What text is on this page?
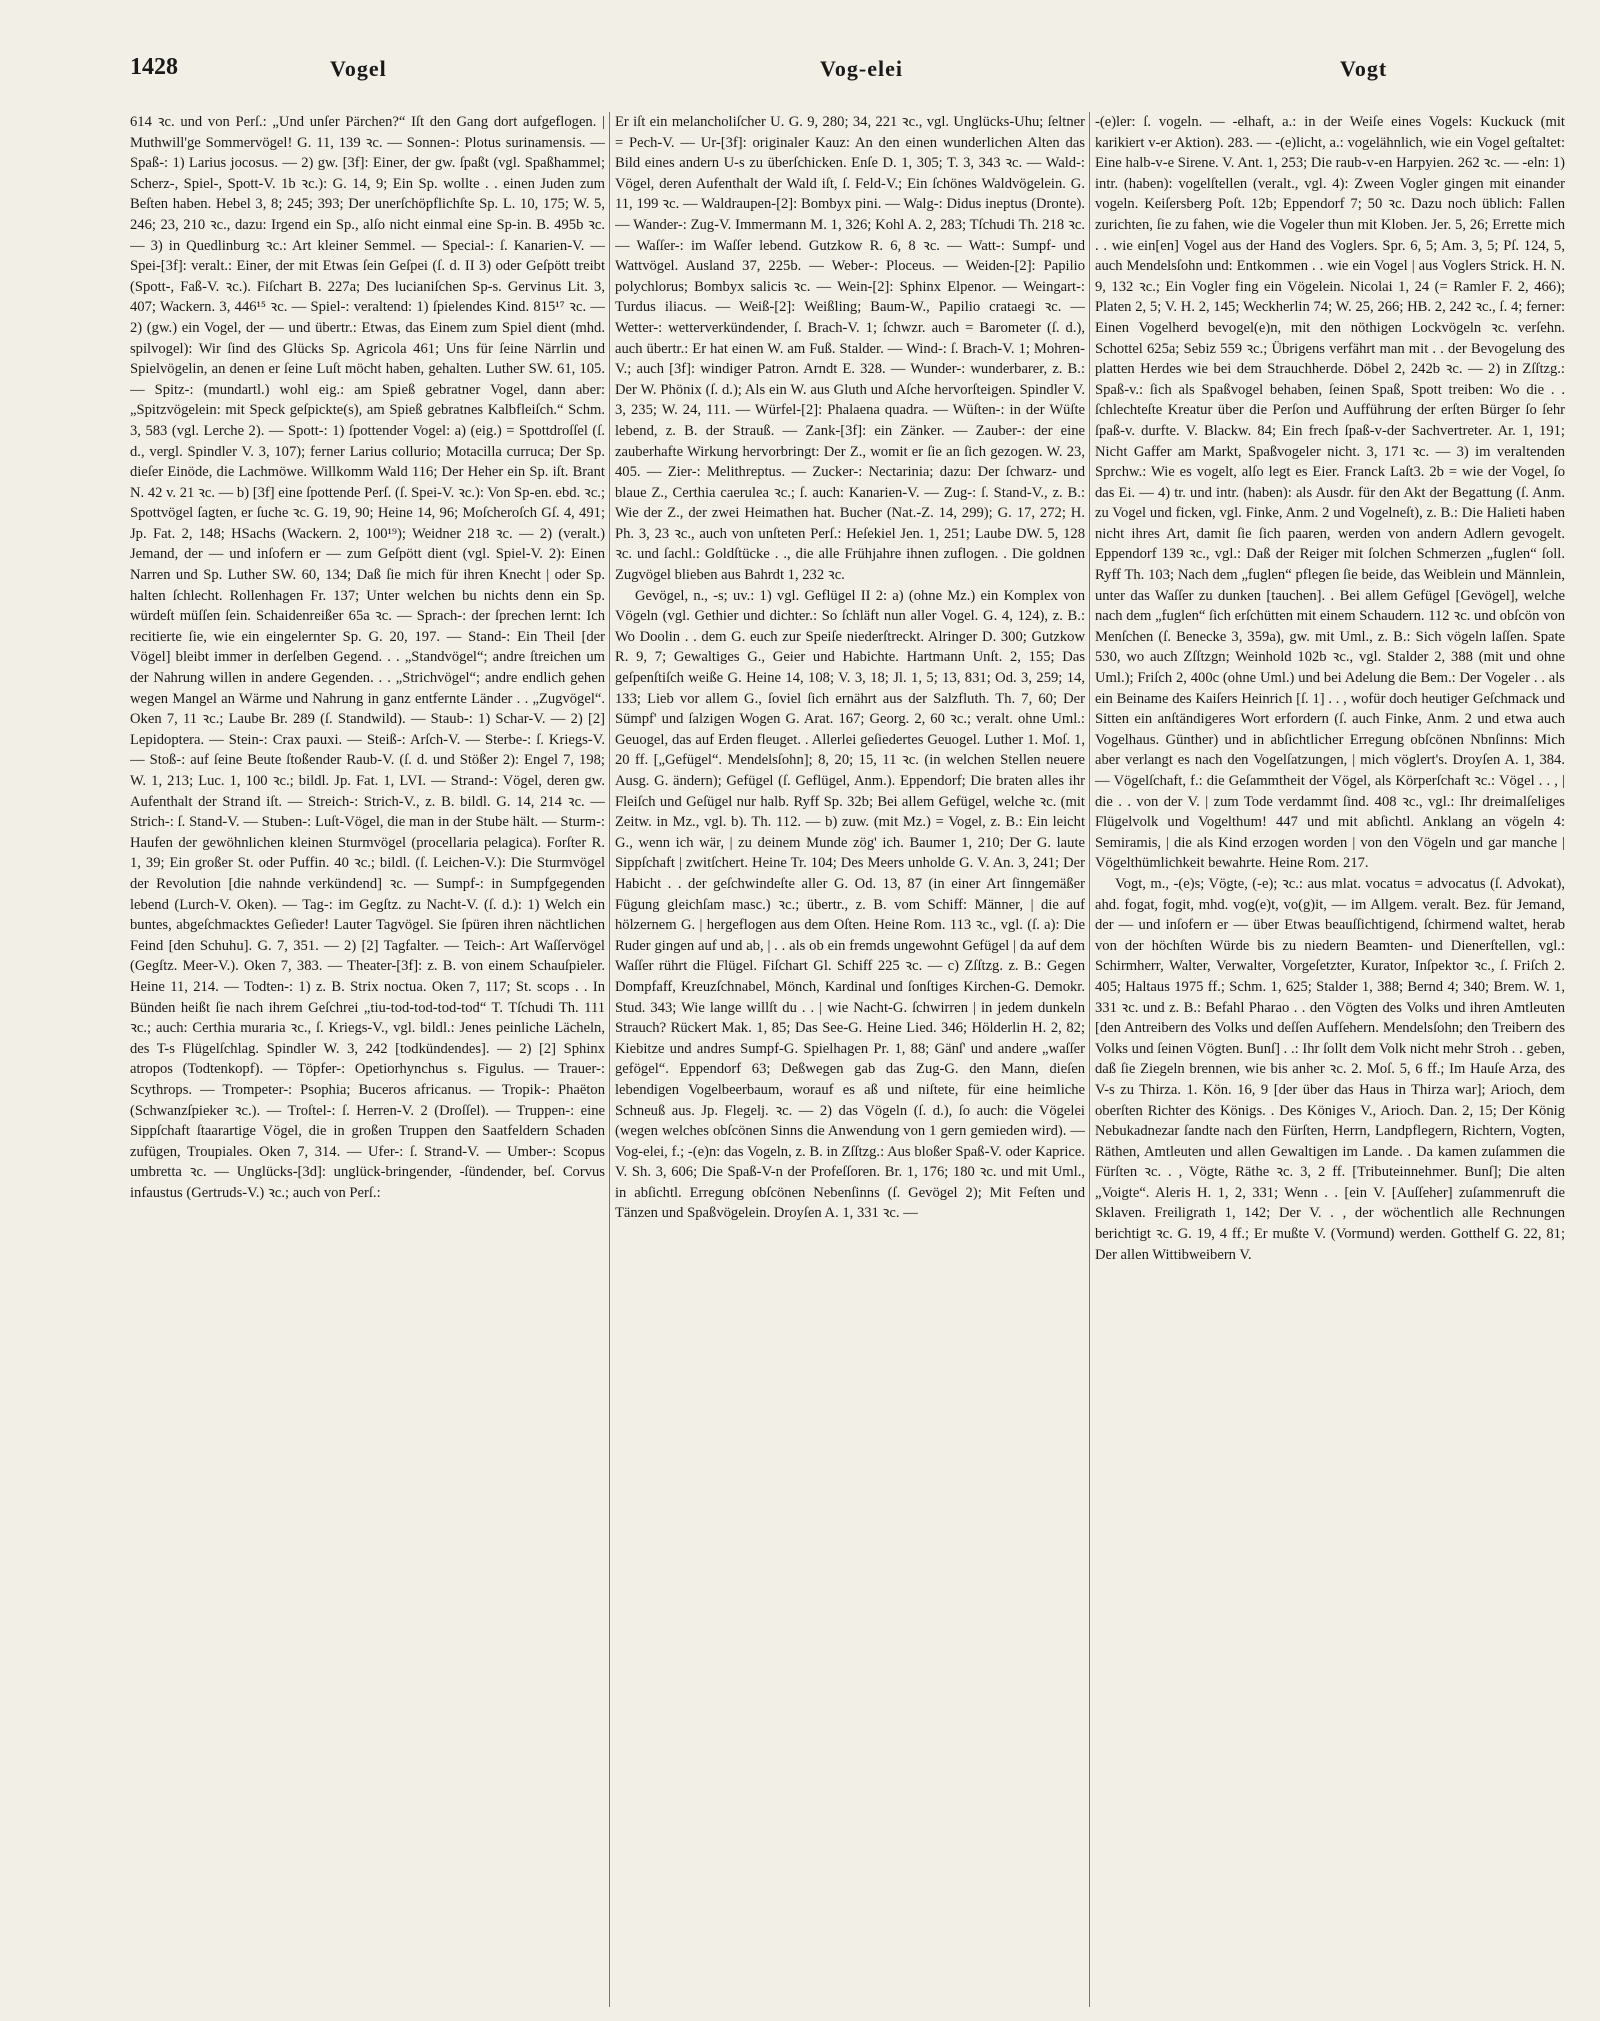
1428	Vogel	Vog-elei	Vogt

614 ꝛc. und von Perſ.: „Und unſer Pärchen?“ Iſt den Gang dort aufgeflogen. | Muthwill'ge Sommervögel! G. 11, 139 ꝛc. — Sonnen-: Plotus surinamensis. — Spaß-: 1) Larius jocosus. — 2) gw. [3f]: Einer, der gw. ſpaßt (vgl. Spaßhammel; Scherz-, Spiel-, Spott-V. 1b ꝛc.): G. 14, 9; Ein Sp. wollte . . einen Juden zum Beſten haben. Hebel 3, 8; 245; 393; Der unerſchöpflichſte Sp. L. 10, 175; W. 5, 246; 23, 210 ꝛc., dazu: Irgend ein Sp., alſo nicht einmal eine Sp-in. B. 495b ꝛc. — 3) in Quedlinburg ꝛc.: Art kleiner Semmel. — Special-: ſ. Kanarien-V. — Spei-[3f]: veralt.: Einer, der mit Etwas ſein Geſpei (ſ. d. II 3) oder Geſpött treibt (Spott-, Faß-V. ꝛc.). Fiſchart B. 227a; Des lucianiſchen Sp-s. Gervinus Lit. 3, 407; Wackern. 3, 446¹⁵ ꝛc. — Spiel-: veraltend: 1) ſpielendes Kind. 815¹⁷ ꝛc. — 2) (gw.) ein Vogel, der — und übertr.: Etwas, das Einem zum Spiel dient (mhd. spilvogel): Wir ſind des Glücks Sp. Agricola 461; Uns für ſeine Närrlin und Spielvögelin, an denen er ſeine Luſt möcht haben, gehalten. Luther SW. 61, 105. — Spitz-: (mundartl.) wohl eig.: am Spieß gebratner Vogel, dann aber: „Spitzvögelein: mit Speck geſpickte(s), am Spieß gebratnes Kalbfleiſch.“ Schm. 3, 583 (vgl. Lerche 2). — Spott-: 1) ſpottender Vogel: a) (eig.) = Spottdroſſel (ſ. d., vergl. Spindler V. 3, 107); ferner Larius collurio; Motacilla curruca; Der Sp. dieſer Einöde, die Lachmöwe. Willkomm Wald 116; Der Heher ein Sp. iſt. Brant N. 42 v. 21 ꝛc. — b) [3f] eine ſpottende Perſ. (ſ. Spei-V. ꝛc.): Von Sp-en. ebd. ꝛc.; Spottvögel ſagten, er ſuche ꝛc. G. 19, 90; Heine 14, 96; Moſcheroſch Gſ. 4, 491; Jp. Fat. 2, 148; HSachs (Wackern. 2, 100¹⁹); Weidner 218 ꝛc. — 2) (veralt.) Jemand, der — und inſofern er — zum Geſpött dient (vgl. Spiel-V. 2): Einen Narren und Sp. Luther SW. 60, 134; Daß ſie mich für ihren Knecht | oder Sp. halten ſchlecht. Rollenhagen Fr. 137; Unter welchen bu nichts denn ein Sp. würdeſt müſſen ſein. Schaidenreißer 65a ꝛc. — Sprach-: der ſprechen lernt: Ich recitierte ſie, wie ein eingelernter Sp. G. 20, 197. — Stand-: Ein Theil [der Vögel] bleibt immer in derſelben Gegend. . . „Standvögel“; andre ſtreichen um der Nahrung willen in andere Gegenden. . . „Strichvögel“; andre endlich gehen wegen Mangel an Wärme und Nahrung in ganz entfernte Länder . . „Zugvögel“. Oken 7, 11 ꝛc.; Laube Br. 289 (ſ. Standwild). — Staub-: 1) Schar-V. — 2) [2] Lepidoptera. — Stein-: Crax pauxi. — Steiß-: Arſch-V. — Sterbe-: ſ. Kriegs-V. — Stoß-: auf ſeine Beute ſtoßender Raub-V. (ſ. d. und Stößer 2): Engel 7, 198; W. 1, 213; Luc. 1, 100 ꝛc.; bildl. Jp. Fat. 1, LVI. — Strand-: Vögel, deren gw. Aufenthalt der Strand iſt. — Streich-: Strich-V., z. B. bildl. G. 14, 214 ꝛc. — Strich-: ſ. Stand-V. — Stuben-: Luſt-Vögel, die man in der Stube hält. — Sturm-: Haufen der gewöhnlichen kleinen Sturmvögel (procellaria pelagica). Forſter R. 1, 39; Ein großer St. oder Puffin. 40 ꝛc.; bildl. (ſ. Leichen-V.): Die Sturmvögel der Revolution [die nahnde verkündend] ꝛc. — Sumpf-: in Sumpfgegenden lebend (Lurch-V. Oken). — Tag-: im Gegſtz. zu Nacht-V. (ſ. d.): 1) Welch ein buntes, abgeſchmacktes Geſieder! Lauter Tagvögel. Sie ſpüren ihren nächtlichen Feind [den Schuhu]. G. 7, 351. — 2) [2] Tagfalter. — Teich-: Art Waſſervögel (Gegſtz. Meer-V.). Oken 7, 383. — Theater-[3f]: z. B. von einem Schauſpieler. Heine 11, 214. — Todten-: 1) z. B. Strix noctua. Oken 7, 117; St. scops . . In Bünden heißt ſie nach ihrem Geſchrei „tiu-tod-tod-tod-tod“ T. Tſchudi Th. 111 ꝛc.; auch: Certhia muraria ꝛc., ſ. Kriegs-V., vgl. bildl.: Jenes peinliche Lächeln, des T-s Flügelſchlag. Spindler W. 3, 242 [todkündendes]. — 2) [2] Sphinx atropos (Todtenkopf). — Töpfer-: Opetiorhynchus s. Figulus. — Trauer-: Scythrops. — Trompeter-: Psophia; Buceros africanus. — Tropik-: Phaëton (Schwanzſpieker ꝛc.). — Troſtel-: ſ. Herren-V. 2 (Droſſel). — Truppen-: eine Sippſchaft ſtaarartige Vögel, die in großen Truppen den Saatfeldern Schaden zufügen, Troupiales. Oken 7, 314. — Ufer-: ſ. Strand-V. — Umber-: Scopus umbretta ꝛc. — Unglücks-[3d]: unglück-bringender, -ſündender, beſ. Corvus infaustus (Gertruds-V.) ꝛc.; auch von Perſ.:

Er iſt ein melancholiſcher U. G. 9, 280; 34, 221 ꝛc., vgl. Unglücks-Uhu; ſeltner = Pech-V. — Ur-[3f]: originaler Kauz: An den einen wunderlichen Alten das Bild eines andern U-s zu überſchicken. Enſe D. 1, 305; T. 3, 343 ꝛc. — Wald-: Vögel, deren Aufenthalt der Wald iſt, ſ. Feld-V.; Ein ſchönes Waldvögelein. G. 11, 199 ꝛc. — Waldraupen-[2]: Bombyx pini. — Walg-: Didus ineptus (Dronte). — Wander-: Zug-V. Immermann M. 1, 326; Kohl A. 2, 283; Tſchudi Th. 218 ꝛc. — Waſſer-: im Waſſer lebend. Gutzkow R. 6, 8 ꝛc. — Watt-: Sumpf- und Wattvögel. Ausland 37, 225b. — Weber-: Ploceus. — Weiden-[2]: Papilio polychlorus; Bombyx salicis ꝛc. — Wein-[2]: Sphinx Elpenor. — Weingart-: Turdus iliacus. — Weiß-[2]: Weißling; Baum-W., Papilio crataegi ꝛc. — Wetter-: wetterverkündender, ſ. Brach-V. 1; ſchwzr. auch = Barometer (ſ. d.), auch übertr.: Er hat einen W. am Fuß. Stalder. — Wind-: ſ. Brach-V. 1; Mohren-V.; auch [3f]: windiger Patron. Arndt E. 328. — Wunder-: wunderbarer, z. B.: Der W. Phönix (ſ. d.); Als ein W. aus Gluth und Aſche hervorſteigen. Spindler V. 3, 235; W. 24, 111. — Würfel-[2]: Phalaena quadra. — Wüſten-: in der Wüſte lebend, z. B. der Strauß. — Zank-[3f]: ein Zänker. — Zauber-: der eine zauberhafte Wirkung hervorbringt: Der Z., womit er ſie an ſich gezogen. W. 23, 405. — Zier-: Melithreptus. — Zucker-: Nectarinia; dazu: Der ſchwarz- und blaue Z., Certhia caerulea ꝛc.; ſ. auch: Kanarien-V. — Zug-: ſ. Stand-V., z. B.: Wie der Z., der zwei Heimathen hat. Bucher (Nat.-Z. 14, 299); G. 17, 272; H. Ph. 3, 23 ꝛc., auch von unſteten Perſ.: Heſekiel Jen. 1, 251; Laube DW. 5, 128 ꝛc. und ſachl.: Goldſtücke . ., die alle Frühjahre ihnen zuflogen. . Die goldnen Zugvögel blieben aus Bahrdt 1, 232 ꝛc.
Gevögel, n., -s; uv.: 1) vgl. Geflügel II 2: a) (ohne Mz.) ein Komplex von Vögeln (vgl. Gethier und dichter.: So ſchläft nun aller Vogel. G. 4, 124), z. B.: Wo Doolin . . dem G. euch zur Speiſe niederſtreckt. Alringer D. 300; Gutzkow R. 9, 7; Gewaltiges G., Geier und Habichte. Hartmann Unſt. 2, 155; Das geſpenſtiſch weiße G. Heine 14, 108; V. 3, 18; Jl. 1, 5; 13, 831; Od. 3, 259; 14, 133; Lieb vor allem G., ſoviel ſich ernährt aus der Salzfluth. Th. 7, 60; Der Sümpf' und ſalzigen Wogen G. Arat. 167; Georg. 2, 60 ꝛc.; veralt. ohne Uml.: Geuogel, das auf Erden fleuget. . Allerlei geſiedertes Geuogel. Luther 1. Moſ. 1, 20 ff. [„Gefügel“. Mendelsſohn]; 8, 20; 15, 11 ꝛc. (in welchen Stellen neuere Ausg. G. ändern); Gefügel (ſ. Geflügel, Anm.). Eppendorf; Die braten alles ihr Fleiſch und Geſügel nur halb. Ryff Sp. 32b; Bei allem Gefügel, welche ꝛc. (mit Zeitw. in Mz., vgl. b). Th. 112. — b) zuw. (mit Mz.) = Vogel, z. B.: Ein leicht G., wenn ich wär, | zu deinem Munde zög' ich. Baumer 1, 210; Der G. laute Sippſchaft | zwitſchert. Heine Tr. 104; Des Meers unholde G. V. An. 3, 241; Der Habicht . . der geſchwindeſte aller G. Od. 13, 87 (in einer Art ſinngemäßer Fügung gleichſam masc.) ꝛc.; übertr., z. B. vom Schiff: Männer, | die auf hölzernem G. | hergeflogen aus dem Oſten. Heine Rom. 113 ꝛc., vgl. (ſ. a): Die Ruder gingen auf und ab, | . . als ob ein fremds ungewohnt Gefügel | da auf dem Waſſer rührt die Flügel. Fiſchart Gl. Schiff 225 ꝛc. — c) Zſſtzg. z. B.: Gegen Dompfaff, Kreuzſchnabel, Mönch, Kardinal und ſonſtiges Kirchen-G. Demokr. Stud. 343; Wie lange willſt du . . | wie Nacht-G. ſchwirren | in jedem dunkeln Strauch? Rückert Mak. 1, 85; Das See-G. Heine Lied. 346; Hölderlin H. 2, 82; Kiebitze und andres Sumpf-G. Spielhagen Pr. 1, 88; Gänſ' und andere „waſſer gefögel“. Eppendorf 63; Deßwegen gab das Zug-G. den Mann, dieſen lebendigen Vogelbeerbaum, worauf es aß und niſtete, für eine heimliche Schneuß aus. Jp. Flegelj. ꝛc. — 2) das Vögeln (ſ. d.), ſo auch: die Vögelei (wegen welches obſcönen Sinns die Anwendung von 1 gern gemieden wird). — Vog-elei, f.; -(e)n: das Vogeln, z. B. in Zſſtzg.: Aus bloßer Spaß-V. oder Kaprice. V. Sh. 3, 606; Die Spaß-V-n der Profeſſoren. Br. 1, 176; 180 ꝛc. und mit Uml., in abſichtl. Erregung obſcönen Nebenſinns (ſ. Gevögel 2); Mit Feſten und Tänzen und Spaßvögelein. Droyſen A. 1, 331 ꝛc. —

-(e)ler: ſ. vogeln. — -elhaft, a.: in der Weiſe eines Vogels: Kuckuck (mit karikiert v-er Aktion). 283. — -(e)licht, a.: vogelähnlich, wie ein Vogel geſtaltet: Eine halb-v-e Sirene. V. Ant. 1, 253; Die raub-v-en Harpyien. 262 ꝛc. — -eln: 1) intr. (haben): vogelſtellen (veralt., vgl. 4): Zween Vogler gingen mit einander vogeln. Keiſersberg Poſt. 12b; Eppendorf 7; 50 ꝛc. Dazu noch üblich: Fallen zurichten, ſie zu fahen, wie die Vogeler thun mit Kloben. Jer. 5, 26; Errette mich . . wie ein[en] Vogel aus der Hand des Voglers. Spr. 6, 5; Am. 3, 5; Pſ. 124, 5, auch Mendelsſohn und: Entkommen . . wie ein Vogel | aus Voglers Strick. H. N. 9, 132 ꝛc.; Ein Vogler fing ein Vögelein. Nicolai 1, 24 (= Ramler F. 2, 466); Platen 2, 5; V. H. 2, 145; Weckherlin 74; W. 25, 266; HB. 2, 242 ꝛc., ſ. 4; ferner: Einen Vogelherd bevogel(e)n, mit den nöthigen Lockvögeln ꝛc. verſehn. Schottel 625a; Sebiz 559 ꝛc.; Übrigens verfährt man mit . . der Bevogelung des platten Herdes wie bei dem Strauchherde. Döbel 2, 242b ꝛc. — 2) in Zſſtzg.: Spaß-v.: ſich als Spaßvogel behaben, ſeinen Spaß, Spott treiben: Wo die . . ſchlechteſte Kreatur über die Perſon und Aufführung der erſten Bürger ſo ſehr ſpaß-v. durfte. V. Blackw. 84; Ein frech ſpaß-v-der Sachvertreter. Ar. 1, 191; Nicht Gaffer am Markt, Spaßvogeler nicht. 3, 171 ꝛc. — 3) im veraltenden Sprchw.: Wie es vogelt, alſo legt es Eier. Franck Laſt3. 2b = wie der Vogel, ſo das Ei. — 4) tr. und intr. (haben): als Ausdr. für den Akt der Begattung (ſ. Anm. zu Vogel und ficken, vgl. Finke, Anm. 2 und Vogelneſt), z. B.: Die Halieti haben nicht ihres Art, damit ſie ſich paaren, werden von andern Adlern gevogelt. Eppendorf 139 ꝛc., vgl.: Daß der Reiger mit ſolchen Schmerzen „fuglen“ ſoll. Ryff Th. 103; Nach dem „fuglen“ pflegen ſie beide, das Weiblein und Männlein, unter das Waſſer zu dunken [tauchen]. . Bei allem Gefügel [Gevögel], welche nach dem „fuglen“ ſich erſchütten mit einem Schaudern. 112 ꝛc. und obſcön von Menſchen (ſ. Benecke 3, 359a), gw. mit Uml., z. B.: Sich vögeln laſſen. Spate 530, wo auch Zſſtzgn; Weinhold 102b ꝛc., vgl. Stalder 2, 388 (mit und ohne Uml.); Friſch 2, 400c (ohne Uml.) und bei Adelung die Bem.: Der Vogeler . . als ein Beiname des Kaiſers Heinrich [ſ. 1] . . , wofür doch heutiger Geſchmack und Sitten ein anſtändigeres Wort erfordern (ſ. auch Finke, Anm. 2 und etwa auch Vogelhaus. Günther) und in abſichtlicher Erregung obſcönen Nbnſinns: Mich aber verlangt es nach den Vogelſatzungen, | mich vöglert's. Droyſen A. 1, 384. — Vögelſchaft, f.: die Geſammtheit der Vögel, als Körperſchaft ꝛc.: Vögel . . , | die . . von der V. | zum Tode verdammt ſind. 408 ꝛc., vgl.: Ihr dreimalſeliges Flügelvolk und Vogelthum! 447 und mit abſichtl. Anklang an vögeln 4: Semiramis, | die als Kind erzogen worden | von den Vögeln und gar manche | Vögelthümlichkeit bewahrte. Heine Rom. 217.
Vogt, m., -(e)s; Vögte, (-e); ꝛc.: aus mlat. vocatus = advocatus (ſ. Advokat), ahd. fogat, fogit, mhd. vog(e)t, vo(g)it, — im Allgem. veralt. Bez. für Jemand, der — und inſofern er — über Etwas beauſſichtigend, ſchirmend waltet, herab von der höchſten Würde bis zu niedern Beamten- und Dienerſtellen, vgl.: Schirmherr, Walter, Verwalter, Vorgeſetzter, Kurator, Inſpektor ꝛc., ſ. Friſch 2. 405; Haltaus 1975 ff.; Schm. 1, 625; Stalder 1, 388; Bernd 4; 340; Brem. W. 1, 331 ꝛc. und z. B.: Befahl Pharao . . den Vögten des Volks und ihren Amtleuten [den Antreibern des Volks und deſſen Aufſehern. Mendelsſohn; den Treibern des Volks und ſeinen Vögten. Bunſ] . .: Ihr ſollt dem Volk nicht mehr Stroh . . geben, daß ſie Ziegeln brennen, wie bis anher ꝛc. 2. Moſ. 5, 6 ff.; Im Hauſe Arza, des V-s zu Thirza. 1. Kön. 16, 9 [der über das Haus in Thirza war]; Arioch, dem oberſten Richter des Königs. . Des Königes V., Arioch. Dan. 2, 15; Der König Nebukadnezar ſandte nach den Fürſten, Herrn, Landpflegern, Richtern, Vogten, Räthen, Amtleuten und allen Gewaltigen im Lande. . Da kamen zuſammen die Fürſten ꝛc. . , Vögte, Räthe ꝛc. 3, 2 ff. [Tributeinnehmer. Bunſ]; Die alten „Voigte“. Aleris H. 1, 2, 331; Wenn . . [ein V. [Auſſeher] zuſammenruft die Sklaven. Freiligrath 1, 142; Der V. . , der wöchentlich alle Rechnungen berichtigt ꝛc. G. 19, 4 ff.; Er mußte V. (Vormund) werden. Gotthelf G. 22, 81; Der allen Wittibweibern V.
